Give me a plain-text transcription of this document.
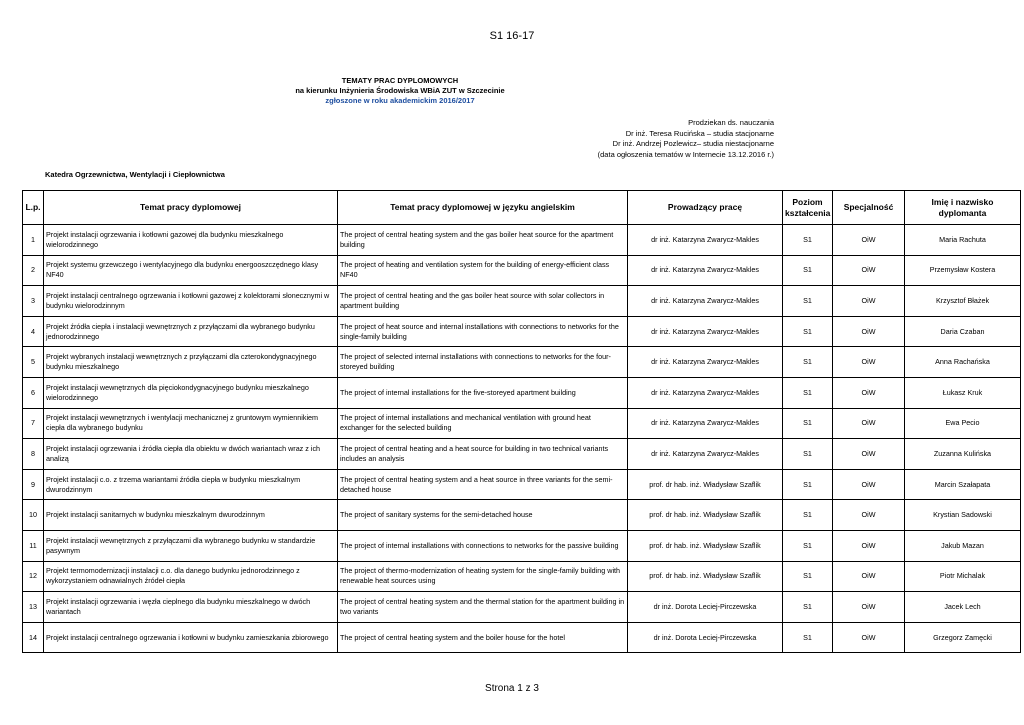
S1 16-17
TEMATY PRAC DYPLOMOWYCH
na kierunku Inżynieria Środowiska WBiA ZUT w Szczecinie
zgłoszone w roku akademickim 2016/2017
Prodziekan ds. nauczania
Dr inż. Teresa Rucińska – studia stacjonarne
Dr inż. Andrzej Pozlewicz– studia niestacjonarne
(data ogłoszenia tematów w Internecie 13.12.2016 r.)
Katedra Ogrzewnictwa, Wentylacji i Ciepłownictwa
L.p.	Temat pracy dyplomowej	Temat pracy dyplomowej w języku angielskim	Prowadzący pracę	Poziom kształcenia	Specjalność	Imię i nazwisko dyplomanta
1	Projekt instalacji ogrzewania i kotłowni gazowej dla budynku mieszkalnego wielorodzinnego	The project of central heating system and the gas boiler heat source for the apartment building	dr inż. Katarzyna Zwarycz-Makles	S1	OiW	Maria Rachuta
2	Projekt systemu grzewczego i wentylacyjnego dla budynku energooszczędnego klasy NF40	The project of heating and ventilation system for the building of energy-efficient class NF40	dr inż. Katarzyna Zwarycz-Makles	S1	OiW	Przemysław Kostera
3	Projekt instalacji centralnego ogrzewania i kotłowni gazowej z kolektorami słonecznymi w budynku wielorodzinnym	The project of central heating and the gas boiler heat source with solar collectors in apartment building	dr inż. Katarzyna Zwarycz-Makles	S1	OiW	Krzysztof Błażek
4	Projekt źródła ciepła i instalacji wewnętrznych z przyłączami dla wybranego budynku jednorodzinnego	The project of heat source and internal installations with connections to networks for the single-family building	dr inż. Katarzyna Zwarycz-Makles	S1	OiW	Daria Czaban
5	Projekt wybranych instalacji wewnętrznych z przyłączami dla czterokondygnacyjnego budynku mieszkalnego	The project of selected internal installations with connections to networks for the four-storeyed building	dr inż. Katarzyna Zwarycz-Makles	S1	OiW	Anna Rachańska
6	Projekt instalacji wewnętrznych dla pięciokondygnacyjnego budynku mieszkalnego wielorodzinnego	The project of internal installations for the five-storeyed apartment building	dr inż. Katarzyna Zwarycz-Makles	S1	OiW	Łukasz Kruk
7	Projekt instalacji wewnętrznych i wentylacji mechanicznej z gruntowym wymiennikiem ciepła dla wybranego budynku	The project of internal installations and mechanical ventilation with ground heat exchanger for the selected building	dr inż. Katarzyna Zwarycz-Makles	S1	OiW	Ewa Pecio
8	Projekt instalacji ogrzewania i źródła ciepła dla obiektu w dwóch wariantach wraz z ich analizą	The project of central heating and a heat source for building in two technical variants includes an analysis	dr inż. Katarzyna Zwarycz-Makles	S1	OiW	Zuzanna Kulińska
9	Projekt instalacji c.o. z trzema wariantami źródła ciepła w budynku mieszkalnym dwurodzinnym	The project of central heating system and a heat source in three variants for the semi-detached house	prof. dr hab. inż. Władysław Szaflik	S1	OiW	Marcin Szałapata
10	Projekt instalacji sanitarnych w budynku mieszkalnym dwurodzinnym	The project of sanitary systems for the semi-detached house	prof. dr hab. inż. Władysław Szaflik	S1	OiW	Krystian Sadowski
11	Projekt instalacji wewnętrznych z przyłączami dla wybranego budynku w standardzie pasywnym	The project of internal installations with connections to networks for the passive building	prof. dr hab. inż. Władysław Szaflik	S1	OiW	Jakub Mazan
12	Projekt termomodernizacji instalacji c.o. dla danego budynku jednorodzinnego z wykorzystaniem odnawialnych źródeł ciepła	The project of thermo-modernization of heating system for the single-family building with renewable heat sources using	prof. dr hab. inż. Władysław Szaflik	S1	OiW	Piotr Michalak
13	Projekt instalacji ogrzewania i węzła cieplnego dla budynku mieszkalnego w dwóch wariantach	The project of central heating system and the thermal station for the apartment building in two variants	dr inż. Dorota Leciej-Pirczewska	S1	OiW	Jacek Lech
14	Projekt instalacji centralnego ogrzewania i kotłowni w budynku zamieszkania zbiorowego	The project of central heating system and the boiler house for the hotel	dr inż. Dorota Leciej-Pirczewska	S1	OiW	Grzegorz Zamęcki
Strona 1 z 3
